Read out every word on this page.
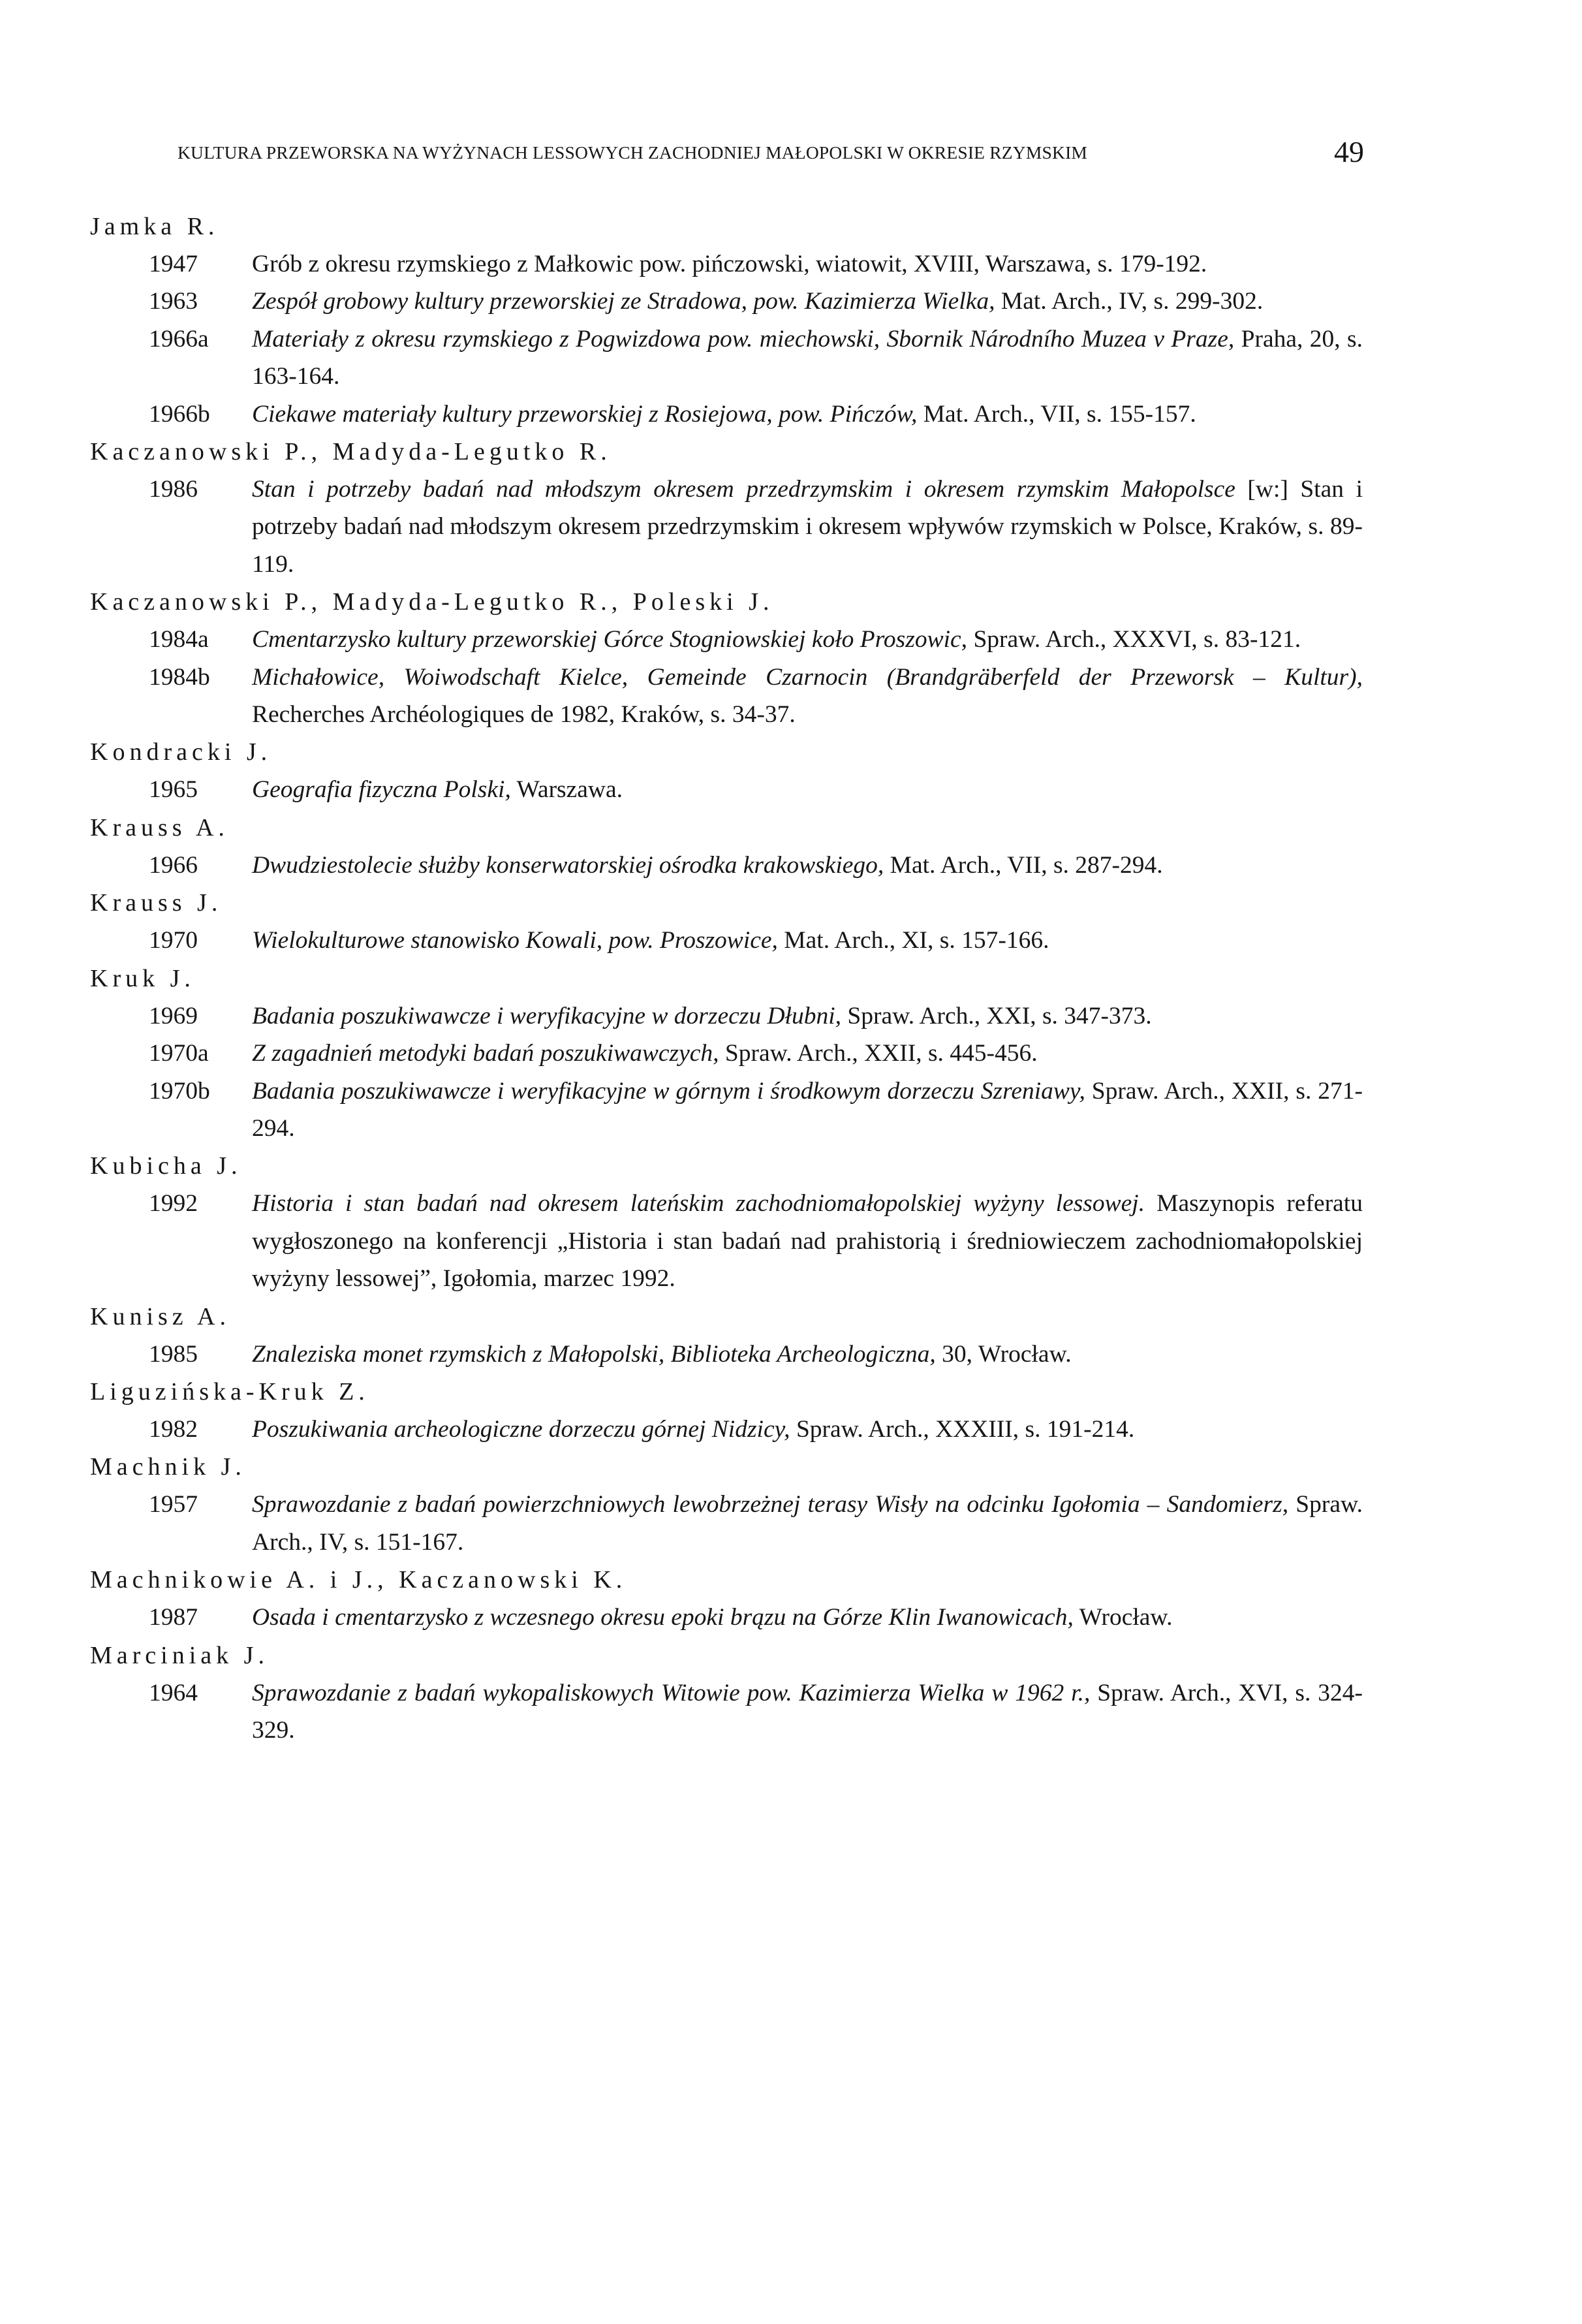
KULTURA PRZEWORSKA NA WYŻYNACH LESSOWYCH ZACHODNIEJ MAŁOPOLSKI W OKRESIE RZYMSKIM	49
Jamka R.
1947	Grób z okresu rzymskiego z Małkowic pow. pińczowski, wiatowit, XVIII, Warszawa, s. 179-192.
1963	Zespół grobowy kultury przeworskiej ze Stradowa, pow. Kazimierza Wielka, Mat. Arch., IV, s. 299-302.
1966a	Materiały z okresu rzymskiego z Pogwizdowa pow. miechowski, Sbornik Národního Muzea v Praze, Praha, 20, s. 163-164.
1966b	Ciekawe materiały kultury przeworskiej z Rosiejowa, pow. Pińczów, Mat. Arch., VII, s. 155-157.
Kaczanowski P., Madyda-Legutko R.
1986	Stan i potrzeby badań nad młodszym okresem przedrzymskim i okresem rzymskim Małopolsce [w:] Stan i potrzeby badań nad młodszym okresem przedrzymskim i okresem wpływów rzymskich w Polsce, Kraków, s. 89-119.
Kaczanowski P., Madyda-Legutko R., Poleski J.
1984a	Cmentarzysko kultury przeworskiej Górce Stogniowskiej koło Proszowic, Spraw. Arch., XXXVI, s. 83-121.
1984b	Michałowice, Woiwodschaft Kielce, Gemeinde Czarnocin (Brandgräberfeld der Przeworsk – Kultur), Recherches Archéologiques de 1982, Kraków, s. 34-37.
Kondracki J.
1965	Geografia fizyczna Polski, Warszawa.
Krauss A.
1966	Dwudziestolecie służby konserwatorskiej ośrodka krakowskiego, Mat. Arch., VII, s. 287-294.
Krauss J.
1970	Wielokulturowe stanowisko Kowali, pow. Proszowice, Mat. Arch., XI, s. 157-166.
Kruk J.
1969	Badania poszukiwawcze i weryfikacyjne w dorzeczu Dłubni, Spraw. Arch., XXI, s. 347-373.
1970a	Z zagadnień metodyki badań poszukiwawczych, Spraw. Arch., XXII, s. 445-456.
1970b	Badania poszukiwawcze i weryfikacyjne w górnym i środkowym dorzeczu Szreniawy, Spraw. Arch., XXII, s. 271-294.
Kubicha J.
1992	Historia i stan badań nad okresem lateńskim zachodniomałopolskiej wyżyny lessowej. Maszynopis referatu wygłoszonego na konferencji „Historia i stan badań nad prahistorią i średniowieczem zachodniomałopolskiej wyżyny lessowej”, Igołomia, marzec 1992.
Kunisz A.
1985	Znaleziska monet rzymskich z Małopolski, Biblioteka Archeologiczna, 30, Wrocław.
Liguzińska-Kruk Z.
1982	Poszukiwania archeologiczne dorzeczu górnej Nidzicy, Spraw. Arch., XXXIII, s. 191-214.
Machnik J.
1957	Sprawozdanie z badań powierzchniowych lewobrzeżnej terasy Wisły na odcinku Igołomia – Sandomierz, Spraw. Arch., IV, s. 151-167.
Machnikowie A. i J., Kaczanowski K.
1987	Osada i cmentarzysko z wczesnego okresu epoki brązu na Górze Klin Iwanowicach, Wrocław.
Marciniak J.
1964	Sprawozdanie z badań wykopaliskowych Witowie pow. Kazimierza Wielka w 1962 r., Spraw. Arch., XVI, s. 324-329.
